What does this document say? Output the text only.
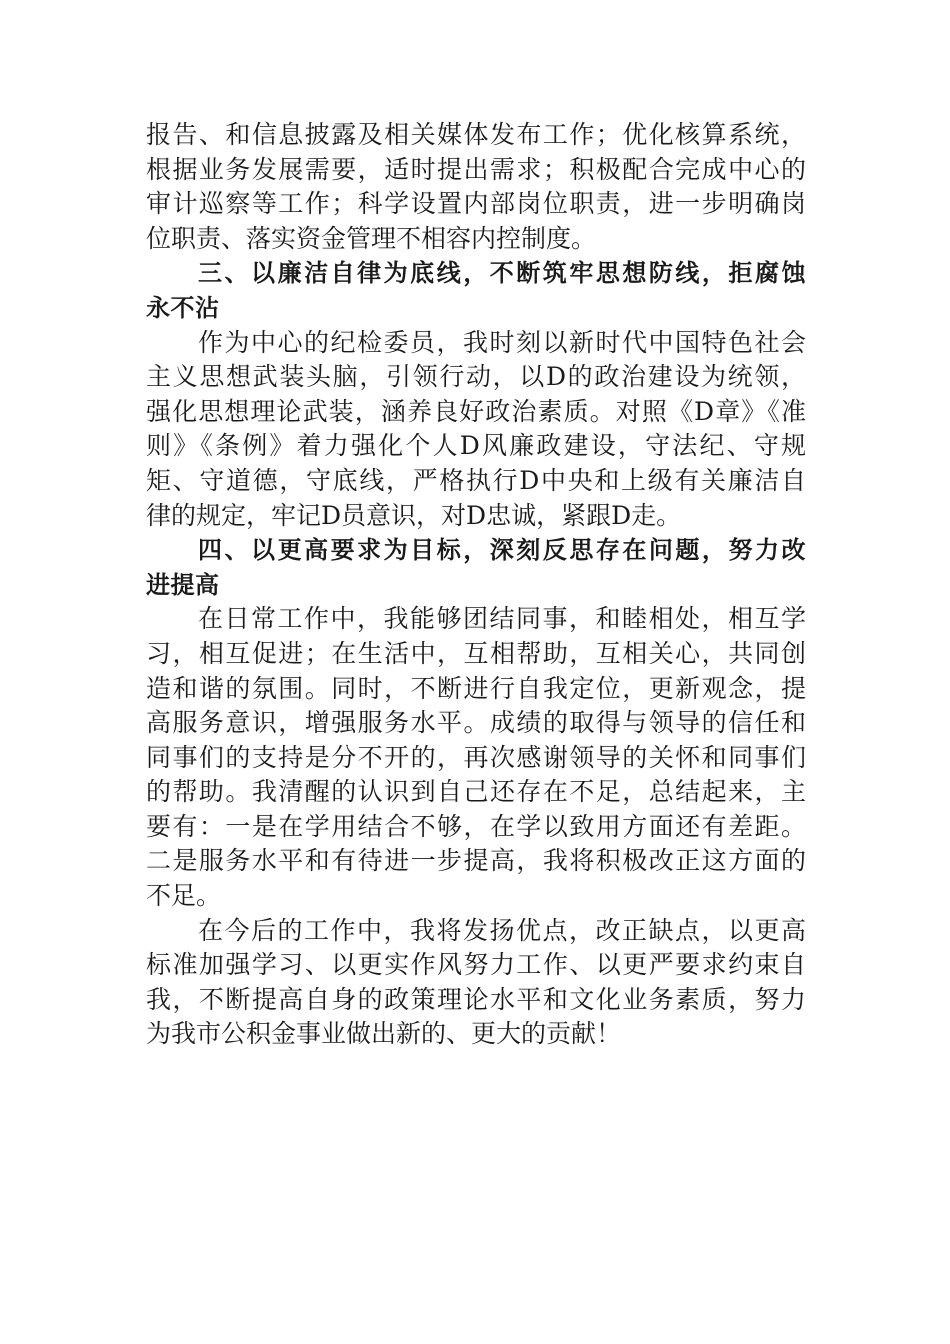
报告、和信息披露及相关媒体发布工作；优化核算系统，
根据业务发展需要，适时提出需求；积极配合完成中心的
审计巡察等工作；科学设置内部岗位职责，进一步明确岗
位职责、落实资金管理不相容内控制度。
三、以廉洁自律为底线，不断筑牢思想防线，拒腐蚀
永不沾
作为中心的纪检委员，我时刻以新时代中国特色社会
主义思想武装头脑，引领行动，以D的政治建设为统领，
强化思想理论武装，涵养良好政治素质。对照《D章》《准
则》《条例》着力强化个人D风廉政建设，守法纪、守规
矩、守道德，守底线，严格执行D中央和上级有关廉洁自
律的规定，牢记D员意识，对D忠诚，紧跟D走。
四、以更高要求为目标，深刻反思存在问题，努力改
进提高
在日常工作中，我能够团结同事，和睦相处，相互学
习，相互促进；在生活中，互相帮助，互相关心，共同创
造和谐的氛围。同时，不断进行自我定位，更新观念，提
高服务意识，增强服务水平。成绩的取得与领导的信任和
同事们的支持是分不开的，再次感谢领导的关怀和同事们
的帮助。我清醒的认识到自己还存在不足，总结起来，主
要有：一是在学用结合不够，在学以致用方面还有差距。
二是服务水平和有待进一步提高，我将积极改正这方面的
不足。
在今后的工作中，我将发扬优点，改正缺点，以更高
标准加强学习、以更实作风努力工作、以更严要求约束自
我，不断提高自身的政策理论水平和文化业务素质，努力
为我市公积金事业做出新的、更大的贡献！
